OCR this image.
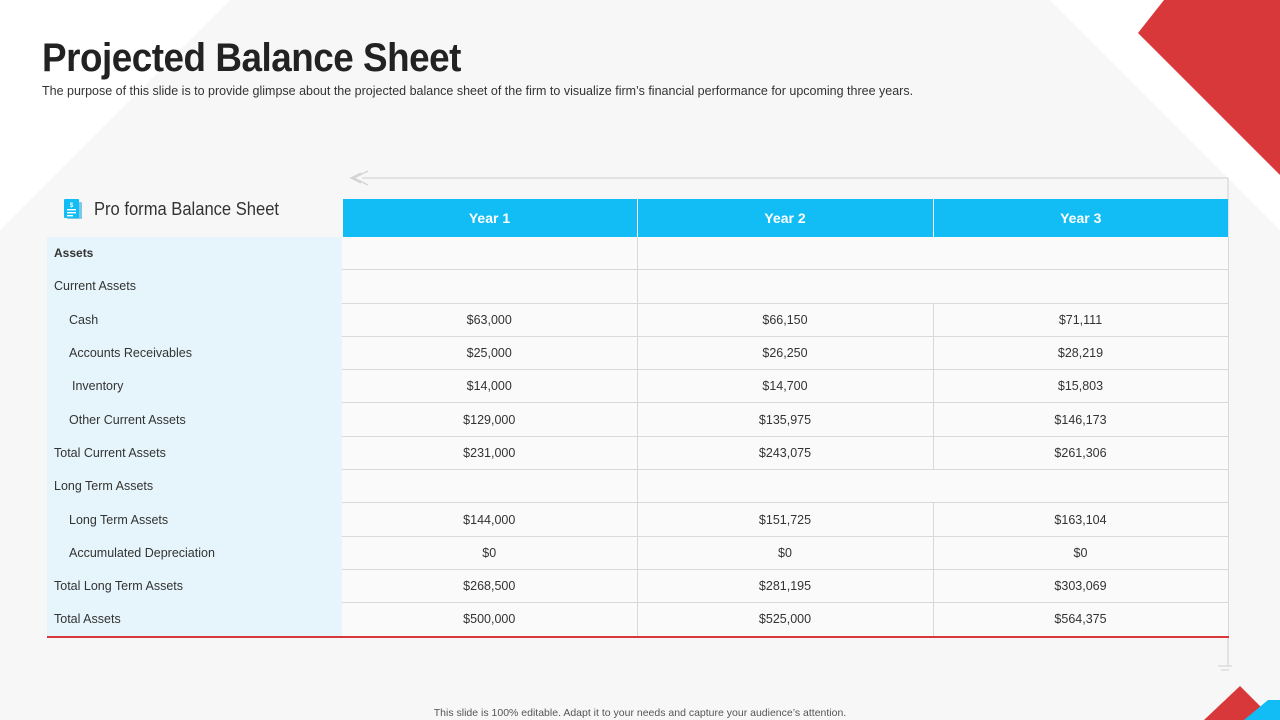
Projected Balance Sheet

The purpose of this slide is to provide glimpse about the projected balance sheet of the firm to visualize firm’s financial performance for upcoming three years.

	Year 1	Year 2	Year 3
Assets			
Current Assets			
Cash	$63,000	$66,150	$71,111
Accounts Receivables	$25,000	$26,250	$28,219
Inventory	$14,000	$14,700	$15,803
Other Current Assets	$129,000	$135,975	$146,173
Total Current Assets	$231,000	$243,075	$261,306
Long Term Assets			
Long Term Assets	$144,000	$151,725	$163,104
Accumulated Depreciation	$0	$0	$0
Total Long Term Assets	$268,500	$281,195	$303,069
Total Assets	$500,000	$525,000	$564,375
$ Pro forma Balance Sheet
This slide is 100% editable. Adapt it to your needs and capture your audience’s attention.
